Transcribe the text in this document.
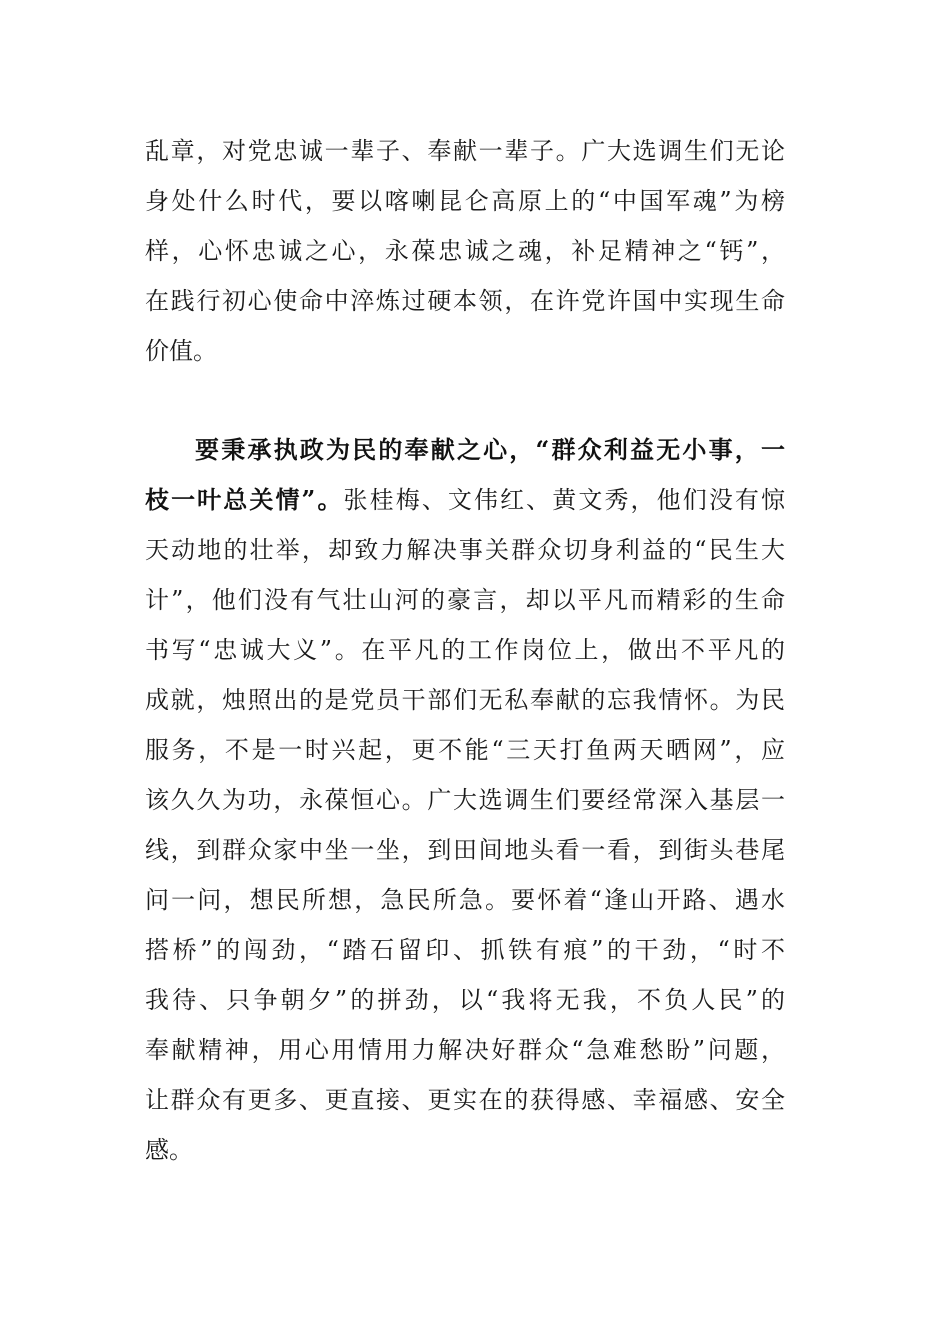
乱章，对党忠诚一辈子、奉献一辈子。广大选调生们无论
身处什么时代，要以喀喇昆仑高原上的“中国军魂”为榜
样，心怀忠诚之心，永葆忠诚之魂，补足精神之“钙”，
在践行初心使命中淬炼过硬本领，在许党许国中实现生命
价值。
要秉承执政为民的奉献之心，“群众利益无小事，一
枝一叶总关情”。张桂梅、文伟红、黄文秀，他们没有惊
天动地的壮举，却致力解决事关群众切身利益的“民生大
计”，他们没有气壮山河的豪言，却以平凡而精彩的生命
书写“忠诚大义”。在平凡的工作岗位上，做出不平凡的
成就，烛照出的是党员干部们无私奉献的忘我情怀。为民
服务，不是一时兴起，更不能“三天打鱼两天晒网”，应
该久久为功，永葆恒心。广大选调生们要经常深入基层一
线，到群众家中坐一坐，到田间地头看一看，到街头巷尾
问一问，想民所想，急民所急。要怀着“逢山开路、遇水
搭桥”的闯劲，“踏石留印、抓铁有痕”的干劲，“时不
我待、只争朝夕”的拼劲，以“我将无我，不负人民”的
奉献精神，用心用情用力解决好群众“急难愁盼”问题，
让群众有更多、更直接、更实在的获得感、幸福感、安全
感。
